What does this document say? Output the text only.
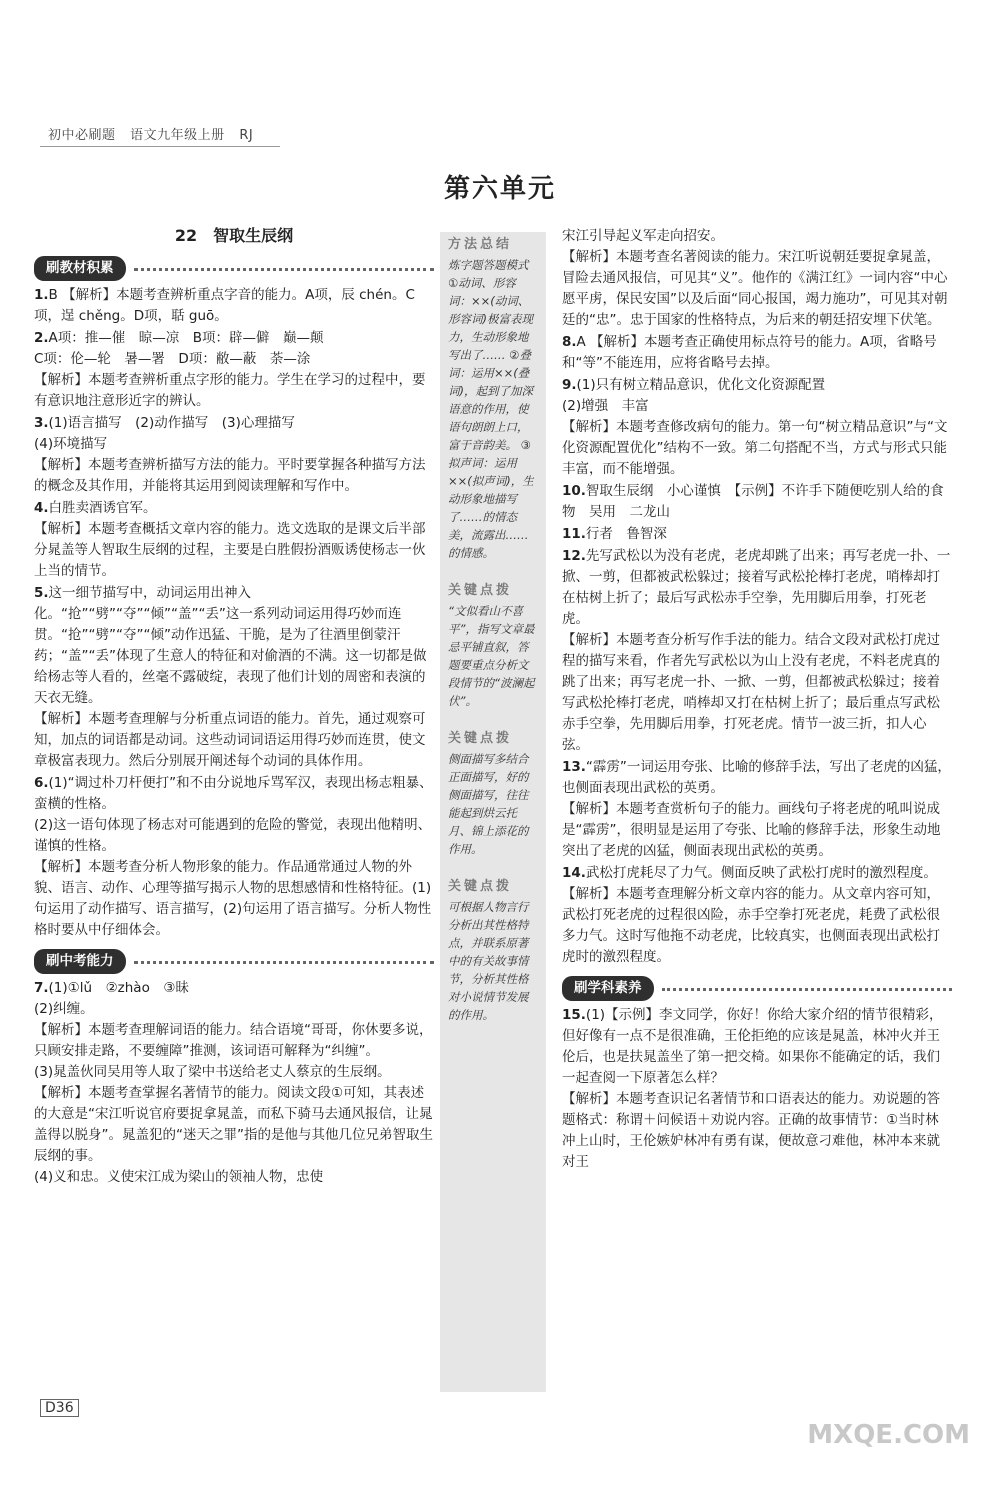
初中必刷题 语文九年级上册 RJ
第六单元
22　智取生辰纲
刷教材积累
1.B 【解析】本题考查辨析重点字音的能力。A项，辰 chén。C项，逞 chěng。D项，聒 guō。
2.A项：推—催　晾—凉　B项：辟—僻　巅—颠
C项：伦—轮　暑—署　D项：敝—蔽　荼—涂
【解析】本题考查辨析重点字形的能力。学生在学习的过程中，要有意识地注意形近字的辨认。
3.(1)语言描写　(2)动作描写　(3)心理描写
(4)环境描写
【解析】本题考查辨析描写方法的能力。平时要掌握各种描写方法的概念及其作用，并能将其运用到阅读理解和写作中。
4.白胜卖酒诱官军。
【解析】本题考查概括文章内容的能力。选文选取的是课文后半部分晁盖等人智取生辰纲的过程，主要是白胜假扮酒贩诱使杨志一伙上当的情节。
5.这一细节描写中，动词运用出神入化。“抢”“劈”“夺”“倾”“盖”“丢”这一系列动词运用得巧妙而连贯。“抢”“劈”“夺”“倾”动作迅猛、干脆，是为了往酒里倒蒙汗药；“盖”“丢”体现了生意人的特征和对偷酒的不满。这一切都是做给杨志等人看的，丝毫不露破绽，表现了他们计划的周密和表演的天衣无缝。
【解析】本题考查理解与分析重点词语的能力。首先，通过观察可知，加点的词语都是动词。这些动词词语运用得巧妙而连贯，使文章极富表现力。然后分别展开阐述每个动词的具体作用。
6.(1)“调过朴刀杆便打”和不由分说地斥骂军汉，表现出杨志粗暴、蛮横的性格。
(2)这一语句体现了杨志对可能遇到的危险的警觉，表现出他精明、谨慎的性格。
【解析】本题考查分析人物形象的能力。作品通常通过人物的外貌、语言、动作、心理等描写揭示人物的思想感情和性格特征。(1)句运用了动作描写、语言描写，(2)句运用了语言描写。分析人物性格时要从中仔细体会。
刷中考能力
7.(1)①lǔ　②zhào　③昧
(2)纠缠。
【解析】本题考查理解词语的能力。结合语境“哥哥，你休要多说，只顾安排走路，不要缠障”推测，该词语可解释为“纠缠”。
(3)晁盖伙同吴用等人取了梁中书送给老丈人蔡京的生辰纲。
【解析】本题考查掌握名著情节的能力。阅读文段①可知，其表述的大意是“宋江听说官府要捉拿晁盖，而私下骑马去通风报信，让晁盖得以脱身”。晁盖犯的“迷天之罪”指的是他与其他几位兄弟智取生辰纲的事。
(4)义和忠。义使宋江成为梁山的领袖人物，忠使
方法总结
炼字题答题模式 ①动词、形容词：××(动词、形容词)极富表现力，生动形象地写出了…… ②叠词：运用××(叠词)，起到了加深语意的作用，使语句朗朗上口，富于音韵美。 ③拟声词：运用××(拟声词)，生动形象地描写了……的情态美，流露出……的情感。
关键点拨
“文似看山不喜平”，指写文章最忌平铺直叙，答题要重点分析文段情节的“波澜起伏”。
关键点拨
侧面描写多结合正面描写，好的侧面描写，往往能起到烘云托月、锦上添花的作用。
关键点拨
可根据人物言行分析出其性格特点，并联系原著中的有关故事情节，分析其性格对小说情节发展的作用。
宋江引导起义军走向招安。
【解析】本题考查名著阅读的能力。宋江听说朝廷要捉拿晁盖，冒险去通风报信，可见其“义”。他作的《满江红》一词内容“中心愿平虏，保民安国”以及后面“同心报国，竭力施功”，可见其对朝廷的“忠”。忠于国家的性格特点，为后来的朝廷招安埋下伏笔。
8.A 【解析】本题考查正确使用标点符号的能力。A项，省略号和“等”不能连用，应将省略号去掉。
9.(1)只有树立精品意识，优化文化资源配置
(2)增强　丰富
【解析】本题考查修改病句的能力。第一句“树立精品意识”与“文化资源配置优化”结构不一致。第二句搭配不当，方式与形式只能丰富，而不能增强。
10.智取生辰纲　小心谨慎　【示例】不许手下随便吃别人给的食物　吴用　二龙山
11.行者　鲁智深
12.先写武松以为没有老虎，老虎却跳了出来；再写老虎一扑、一掀、一剪，但都被武松躲过；接着写武松抡棒打老虎，哨棒却打在枯树上折了；最后写武松赤手空拳，先用脚后用拳，打死老虎。
【解析】本题考查分析写作手法的能力。结合文段对武松打虎过程的描写来看，作者先写武松以为山上没有老虎，不料老虎真的跳了出来；再写老虎一扑、一掀、一剪，但都被武松躲过；接着写武松抡棒打老虎，哨棒却又打在枯树上折了；最后重点写武松赤手空拳，先用脚后用拳，打死老虎。情节一波三折，扣人心弦。
13.“霹雳”一词运用夸张、比喻的修辞手法，写出了老虎的凶猛，也侧面表现出武松的英勇。
【解析】本题考查赏析句子的能力。画线句子将老虎的吼叫说成是“霹雳”，很明显是运用了夸张、比喻的修辞手法，形象生动地突出了老虎的凶猛，侧面表现出武松的英勇。
14.武松打虎耗尽了力气。侧面反映了武松打虎时的激烈程度。
【解析】本题考查理解分析文章内容的能力。从文章内容可知，武松打死老虎的过程很凶险，赤手空拳打死老虎，耗费了武松很多力气。这时写他拖不动老虎，比较真实，也侧面表现出武松打虎时的激烈程度。
刷学科素养
15.(1)【示例】李文同学，你好！你给大家介绍的情节很精彩，但好像有一点不是很准确，王伦拒绝的应该是晁盖，林冲火并王伦后，也是扶晁盖坐了第一把交椅。如果你不能确定的话，我们一起查阅一下原著怎么样？
【解析】本题考查识记名著情节和口语表达的能力。劝说题的答题格式：称谓＋问候语＋劝说内容。正确的故事情节：①当时林冲上山时，王伦嫉妒林冲有勇有谋，便故意刁难他，林冲本来就对王
D36
MXQE.COM
